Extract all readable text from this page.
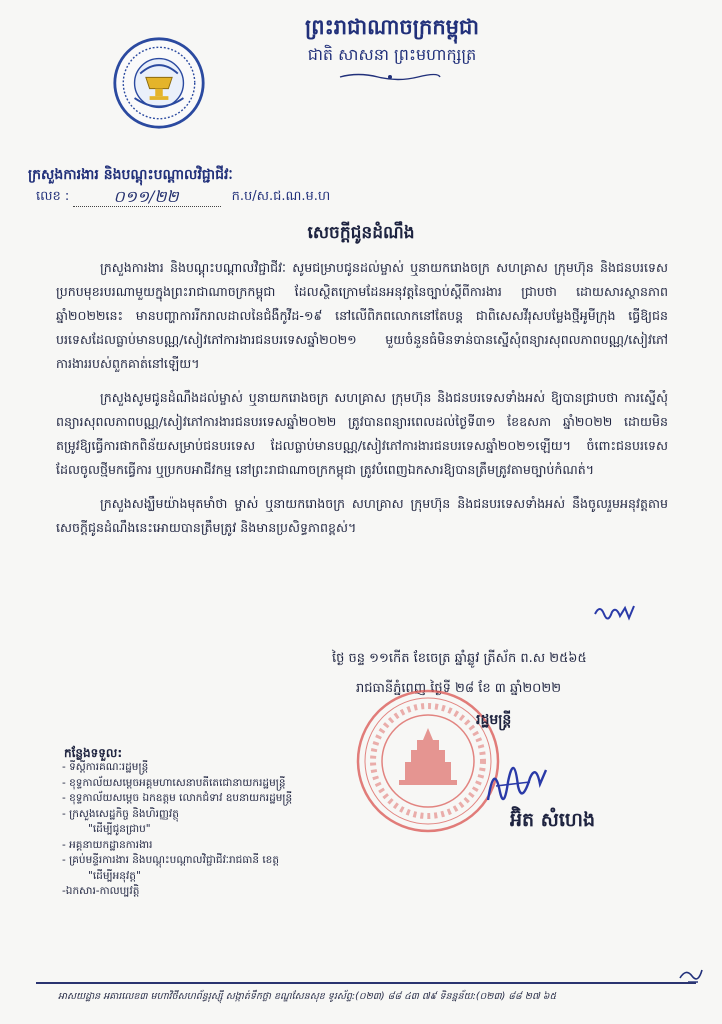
ព្រះរាជាណាចក្រកម្ពុជា
ជាតិ សាសនា ព្រះមហាក្សត្រ
ក្រសួងការងារ និងបណ្តុះបណ្តាលវិជ្ជាជីវៈ
លេខ :	០១១/២២	ក.ប/ស.ជ.ណ.ម.ហ
សេចក្តីជូនដំណឹង

ក្រសួងការងារ និងបណ្តុះបណ្តាលវិជ្ជាជីវៈ សូមជម្រាបជូនដល់ម្ចាស់ ឬនាយករោងចក្រ សហគ្រាស ក្រុមហ៊ុន និងជនបរទេសប្រកបមុខរបរណាមួយក្នុងព្រះរាជាណាចក្រកម្ពុជា ដែលស្ថិតក្រោមដែនអនុវត្តនៃច្បាប់ស្តីពីការងារ ជ្រាបថា ដោយសារស្ថានភាពឆ្នាំ២០២២នេះ មានបញ្ហាការរីករាលដាលនៃជំងឺកូវីដ-១៩ នៅលើពិភពលោកនៅតែបន្ត ជាពិសេសវីរុសបម្លែងថ្មីអូមីក្រុង ធ្វើឱ្យជនបរទេសដែលធ្លាប់មានបណ្ណ/សៀវភៅការងារជនបរទេសឆ្នាំ២០២១ មួយចំនួនធំមិនទាន់បានស្នើសុំពន្យារសុពលភាពបណ្ណ/សៀវភៅការងាររបស់ពួកគាត់នៅឡើយ។

ក្រសួងសូមជូនដំណឹងដល់ម្ចាស់ ឬនាយករោងចក្រ សហគ្រាស ក្រុមហ៊ុន និងជនបរទេសទាំងអស់ ឱ្យបានជ្រាបថា ការស្នើសុំពន្យារសុពលភាពបណ្ណ/សៀវភៅការងារជនបរទេសឆ្នាំ២០២២ ត្រូវបានពន្យារពេលដល់ថ្ងៃទី៣១ ខែឧសភា ឆ្នាំ២០២២ ដោយមិនតម្រូវឱ្យធ្វើការផាកពិន័យសម្រាប់ជនបរទេស ដែលធ្លាប់មានបណ្ណ/សៀវភៅការងារជនបរទេសឆ្នាំ២០២១ឡើយ។ ចំពោះជនបរទេសដែលចូលថ្មីមកធ្វើការ ឬប្រកបអាជីវកម្ម នៅព្រះរាជាណាចក្រកម្ពុជា ត្រូវបំពេញឯកសារឱ្យបានត្រឹមត្រូវតាមច្បាប់កំណត់។

ក្រសួងសង្ឃឹមយ៉ាងមុតមាំថា ម្ចាស់ ឬនាយករោងចក្រ សហគ្រាស ក្រុមហ៊ុន និងជនបរទេសទាំងអស់ នឹងចូលរួមអនុវត្តតាមសេចក្តីជូនដំណឹងនេះអោយបានត្រឹមត្រូវ និងមានប្រសិទ្ធភាពខ្ពស់។

ថ្ងៃ ចន្ទ ១១កើត ខែចេត្រ ឆ្នាំឆ្លូវ ត្រីស័ក ព.ស ២៥៦៥
រាជធានីភ្នំពេញ ថ្ងៃទី ២៨ ខែ ៣ ឆ្នាំ២០២២
រដ្ឋមន្ត្រី
អ៊ិត សំហេង
កន្លែងទទួល:
- ទីស្តីការគណៈរដ្ឋមន្ត្រី
- ខុទ្ទកាល័យសម្តេចអគ្គមហាសេនាបតីតេជោនាយករដ្ឋមន្ត្រី
- ខុទ្ទកាល័យសម្តេច ឯកឧត្តម លោកជំទាវ ឧបនាយករដ្ឋមន្ត្រី
- ក្រសួងសេដ្ឋកិច្ច និងហិរញ្ញវត្ថុ
"ដើម្បីជូនជ្រាប"
- អគ្គនាយកដ្ឋានការងារ
- គ្រប់មន្ទីរការងារ និងបណ្តុះបណ្តាលវិជ្ជាជីវៈរាជធានី ខេត្ត
"ដើម្បីអនុវត្ត"
-ឯកសារ-កាលប្បវត្តិ
អាសយដ្ឋាន អគារលេខ៣ មហាវិថីសហព័ន្ធរុស្ស៊ី សង្កាត់ទឹកថ្លា ខណ្ឌសែនសុខ ទូរស័ព្ទ:(០២៣) ៨៨ ៤៣ ៧៩ ទិនន្នន័យ:(០២៣) ៨៨ ២៧ ៦៥
